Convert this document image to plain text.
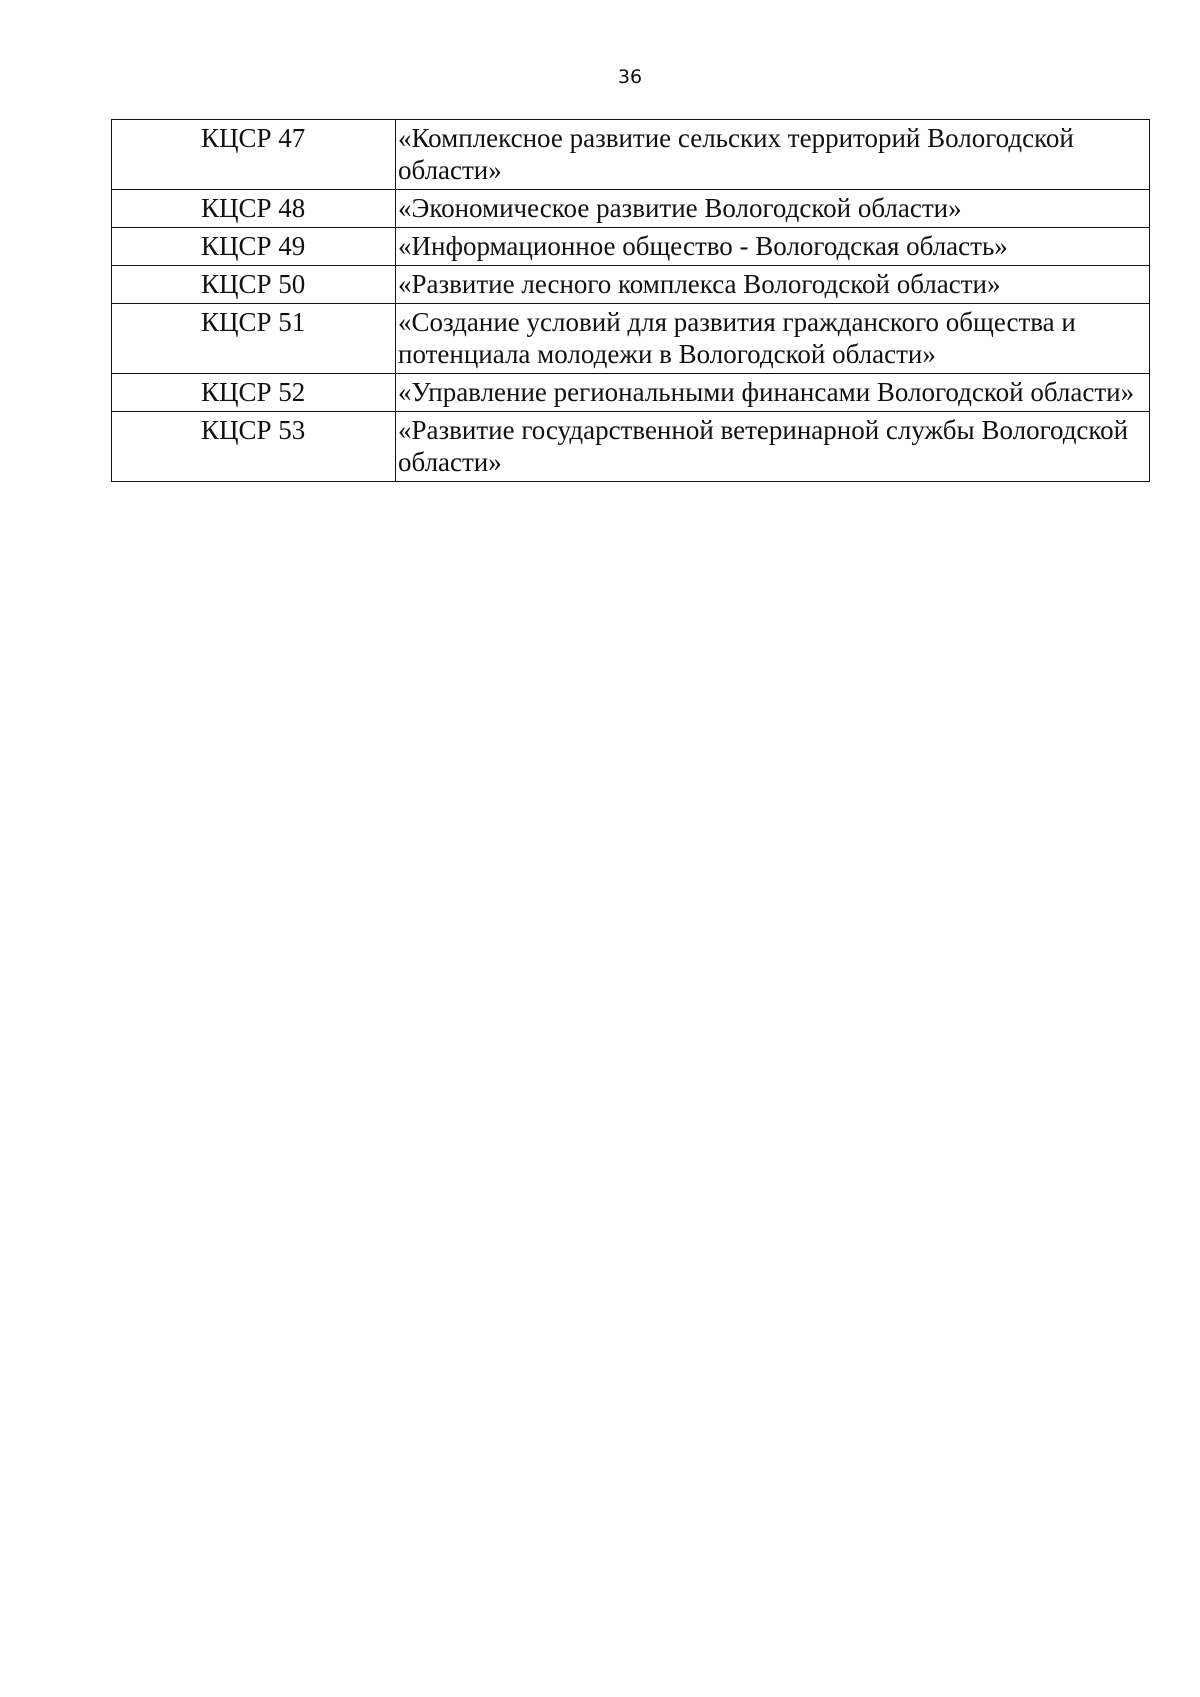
36
КЦСР 47	«Комплексное развитие сельских территорий Вологодской области»
КЦСР 48	«Экономическое развитие Вологодской области»
КЦСР 49	«Информационное общество - Вологодская область»
КЦСР 50	«Развитие лесного комплекса Вологодской области»
КЦСР 51	«Создание условий для развития гражданского общества и потенциала молодежи в Вологодской области»
КЦСР 52	«Управление региональными финансами Вологодской области»
КЦСР 53	«Развитие государственной ветеринарной службы Вологодской области»
